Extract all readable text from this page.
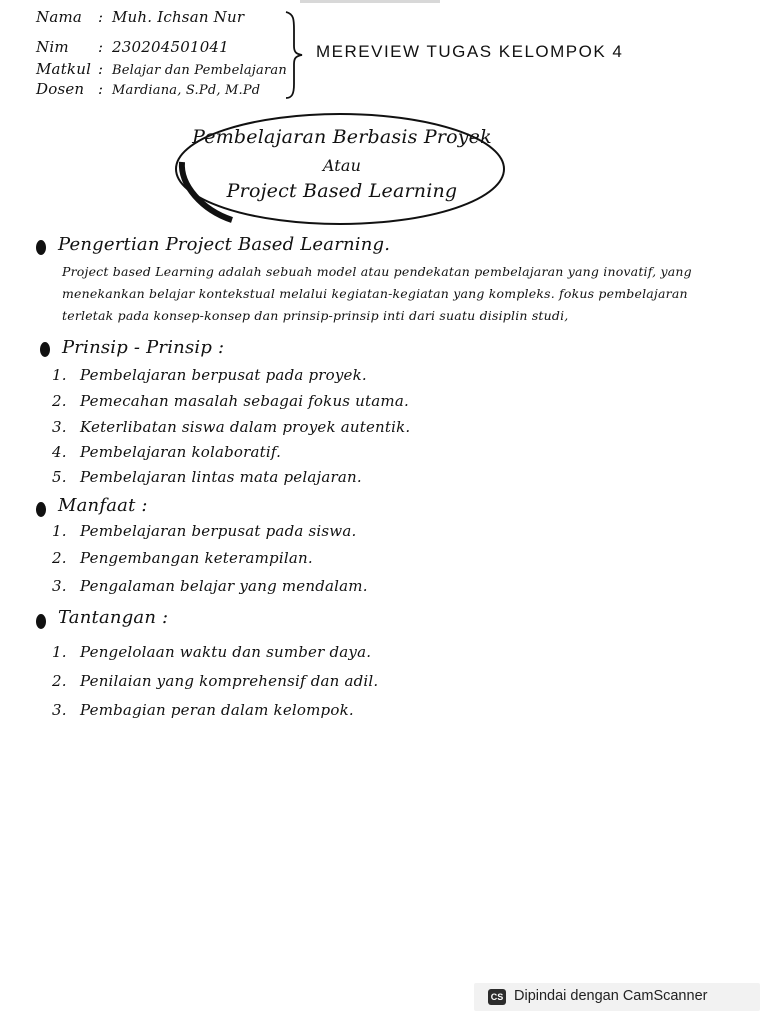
Nama : Muh. Ichsan Nur
Nim : 230204501041
Matkul : Belajar dan Pembelajaran
Dosen : Mardiana, S.Pd, M.Pd
MEREVIEW TUGAS KELOMPOK 4
Pembelajaran Berbasis Proyek
Atau
Project Based Learning
Pengertian Project Based Learning.
Project based Learning adalah sebuah model atau pendekatan pembelajaran yang inovatif, yang
menekankan belajar kontekstual melalui kegiatan-kegiatan yang kompleks. fokus pembelajaran
terletak pada konsep-konsep dan prinsip-prinsip inti dari suatu disiplin studi,
Prinsip - Prinsip :
1. Pembelajaran berpusat pada proyek.
2. Pemecahan masalah sebagai fokus utama.
3. Keterlibatan siswa dalam proyek autentik.
4. Pembelajaran kolaboratif.
5. Pembelajaran lintas mata pelajaran.
Manfaat :
1. Pembelajaran berpusat pada siswa.
2. Pengembangan keterampilan.
3. Pengalaman belajar yang mendalam.
Tantangan :
1. Pengelolaan waktu dan sumber daya.
2. Penilaian yang komprehensif dan adil.
3. Pembagian peran dalam kelompok.
CS Dipindai dengan CamScanner
